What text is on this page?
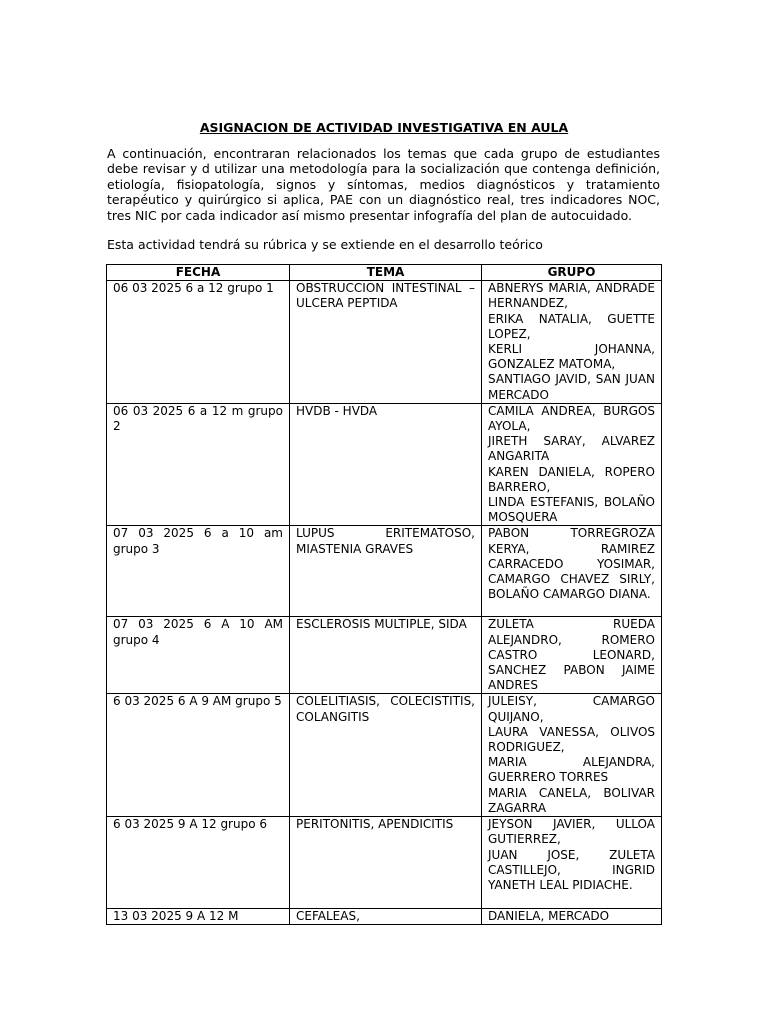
ASIGNACION DE ACTIVIDAD INVESTIGATIVA EN AULA

A continuación, encontraran relacionados los temas que cada grupo de estudiantes debe revisar y d utilizar una metodología para la socialización que contenga definición, etiología, fisiopatología, signos y síntomas, medios diagnósticos y tratamiento terapéutico y quirúrgico si aplica, PAE con un diagnóstico real, tres indicadores NOC, tres NIC por cada indicador así mismo presentar infografía del plan de autocuidado.

Esta actividad tendrá su rúbrica y se extiende en el desarrollo teórico

FECHA	TEMA	GRUPO
06 03 2025 6 a 12 grupo 1	OBSTRUCCION INTESTINAL – ULCERA PEPTIDA	ABNERYS MARIA, ANDRADE HERNANDEZ,
ERIKA NATALIA, GUETTE LOPEZ,
KERLI JOHANNA, GONZALEZ MATOMA,
SANTIAGO JAVID, SAN JUAN MERCADO

06 03 2025 6 a 12 m grupo 2	HVDB - HVDA	CAMILA ANDREA, BURGOS AYOLA,
JIRETH SARAY, ALVAREZ ANGARITA
KAREN DANIELA, ROPERO BARRERO,
LINDA ESTEFANIS, BOLAÑO MOSQUERA

07 03 2025 6 a 10 am grupo 3	LUPUS ERITEMATOSO, MIASTENIA GRAVES	PABON TORREGROZA KERYA, RAMIREZ CARRACEDO YOSIMAR, CAMARGO CHAVEZ SIRLY, BOLAÑO CAMARGO DIANA.

07 03 2025 6 A 10 AM grupo 4	ESCLEROSIS MULTIPLE, SIDA	ZULETA RUEDA ALEJANDRO, ROMERO CASTRO LEONARD, SANCHEZ PABON JAIME ANDRES

6 03 2025 6 A 9 AM grupo 5	COLELITIASIS, COLECISTITIS, COLANGITIS	JULEISY, CAMARGO QUIJANO,
LAURA VANESSA, OLIVOS RODRIGUEZ,
MARIA ALEJANDRA, GUERRERO TORRES
MARIA CANELA, BOLIVAR ZAGARRA

6 03 2025 9 A 12 grupo 6	PERITONITIS, APENDICITIS	JEYSON JAVIER, ULLOA GUTIERREZ,
JUAN JOSE, ZULETA CASTILLEJO, INGRID YANETH LEAL PIDIACHE.

13 03 2025 9 A 12 M	CEFALEAS,	DANIELA, MERCADO
